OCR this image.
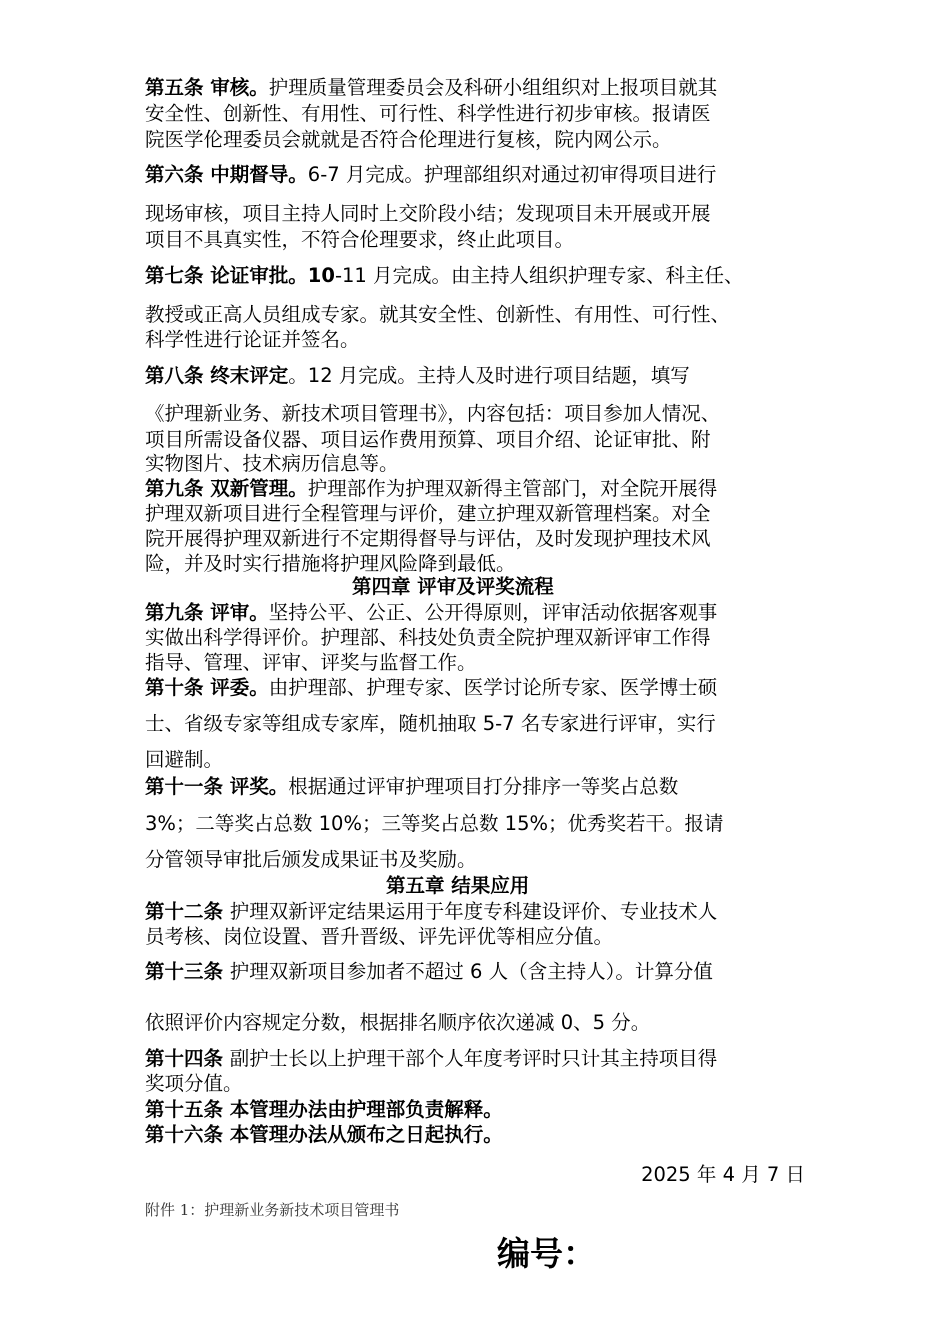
第五条 审核。护理质量管理委员会及科研小组组织对上报项目就其
安全性、创新性、有用性、可行性、科学性进行初步审核。报请医
院医学伦理委员会就就是否符合伦理进行复核，院内网公示。
第六条 中期督导。6-7 月完成。护理部组织对通过初审得项目进行
现场审核，项目主持人同时上交阶段小结；发现项目未开展或开展
项目不具真实性，不符合伦理要求，终止此项目。
第七条 论证审批。10-11 月完成。由主持人组织护理专家、科主任、
教授或正高人员组成专家。就其安全性、创新性、有用性、可行性、
科学性进行论证并签名。
第八条 终末评定。12 月完成。主持人及时进行项目结题，填写
《护理新业务、新技术项目管理书》，内容包括：项目参加人情况、
项目所需设备仪器、项目运作费用预算、项目介绍、论证审批、附
实物图片、技术病历信息等。
第九条 双新管理。护理部作为护理双新得主管部门，对全院开展得
护理双新项目进行全程管理与评价，建立护理双新管理档案。对全
院开展得护理双新进行不定期得督导与评估，及时发现护理技术风
险，并及时实行措施将护理风险降到最低。
第四章 评审及评奖流程
第九条 评审。坚持公平、公正、公开得原则，评审活动依据客观事
实做出科学得评价。护理部、科技处负责全院护理双新评审工作得
指导、管理、评审、评奖与监督工作。
第十条 评委。由护理部、护理专家、医学讨论所专家、医学博士硕
士、省级专家等组成专家库，随机抽取 5-7 名专家进行评审，实行
回避制。
第十一条 评奖。根据通过评审护理项目打分排序一等奖占总数
3%；二等奖占总数 10%；三等奖占总数 15%；优秀奖若干。报请
分管领导审批后颁发成果证书及奖励。
第五章 结果应用
第十二条 护理双新评定结果运用于年度专科建设评价、专业技术人
员考核、岗位设置、晋升晋级、评先评优等相应分值。
第十三条 护理双新项目参加者不超过 6 人（含主持人）。计算分值
依照评价内容规定分数，根据排名顺序依次递减 0、5 分。
第十四条 副护士长以上护理干部个人年度考评时只计其主持项目得
奖项分值。
第十五条 本管理办法由护理部负责解释。
第十六条 本管理办法从颁布之日起执行。
2025 年 4 月 7 日
附件 1：护理新业务新技术项目管理书
编号：
